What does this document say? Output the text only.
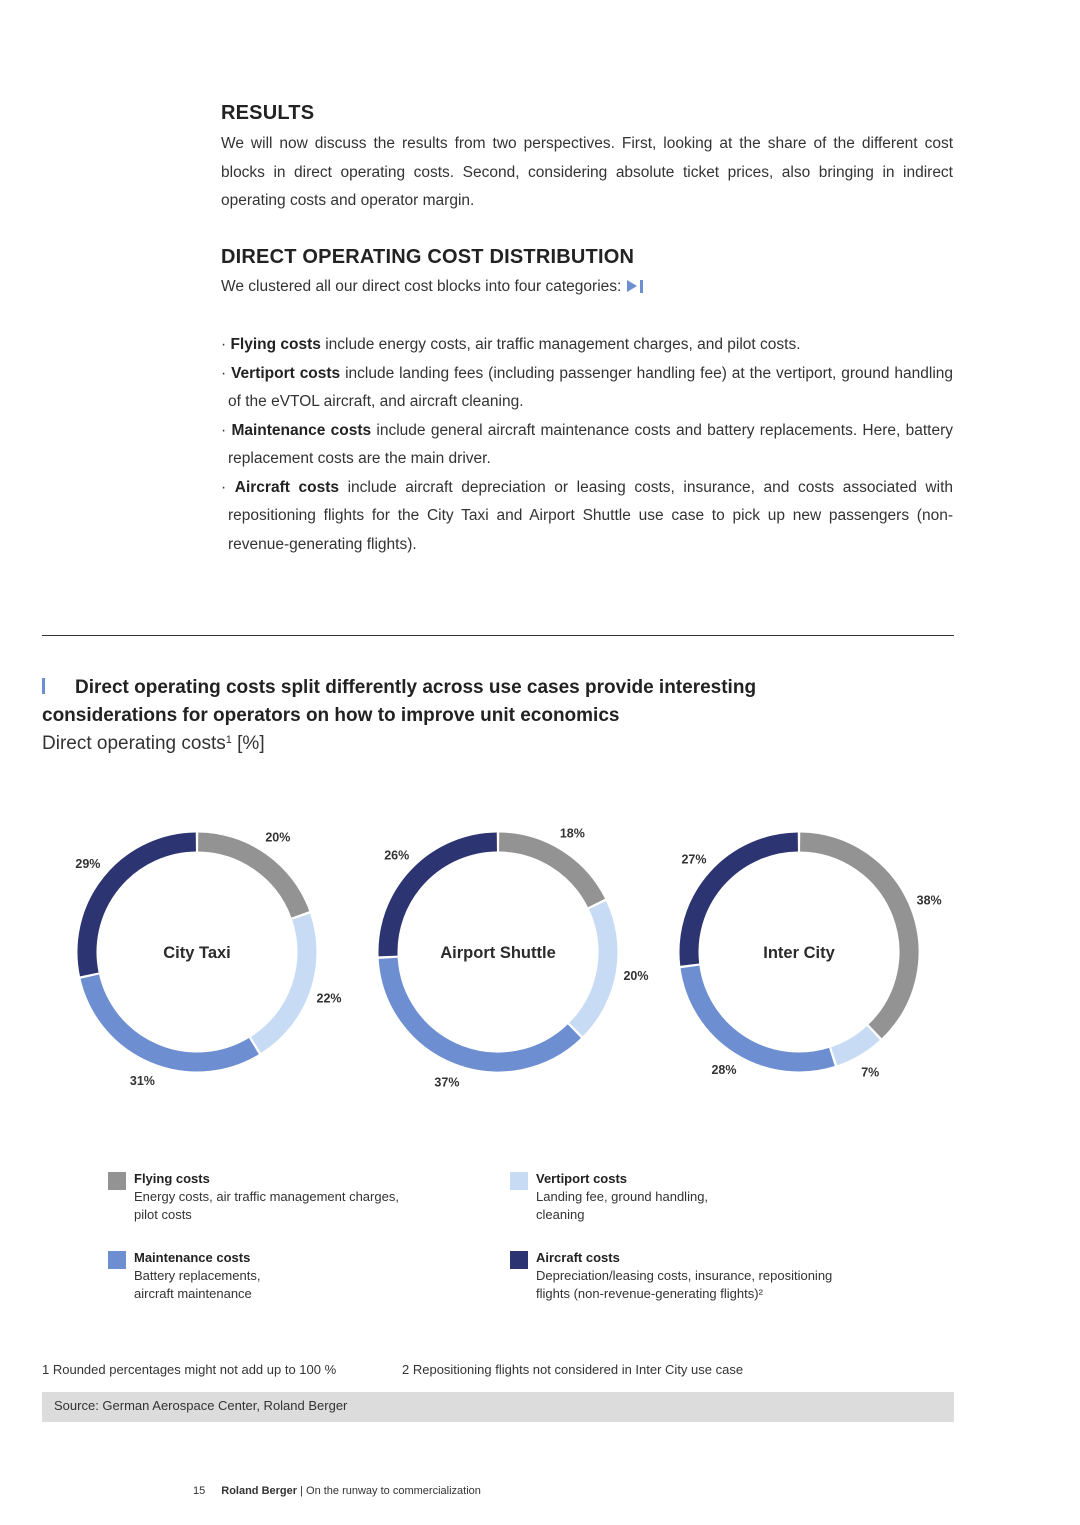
RESULTS

We will now discuss the results from two perspectives. First, looking at the share of the different cost blocks in direct operating costs. Second, considering absolute ticket prices, also bringing in indirect operating costs and operator margin.

DIRECT OPERATING COST DISTRIBUTION

We clustered all our direct cost blocks into four categories:

· Flying costs include energy costs, air traffic management charges, and pilot costs.
· Vertiport costs include landing fees (including passenger handling fee) at the vertiport, ground handling of the eVTOL aircraft, and aircraft cleaning.
· Maintenance costs include general aircraft maintenance costs and battery replacements. Here, battery replacement costs are the main driver.
· Aircraft costs include aircraft depreciation or leasing costs, insurance, and costs associated with repositioning flights for the City Taxi and Airport Shuttle use case to pick up new passengers (non-revenue-generating flights).
Direct operating costs split differently across use cases provide interesting considerations for operators on how to improve unit economics
Direct operating costs$^1$ [%]
20%
22%
31%
29%
City Taxi
18%
20%
37%
26%
Airport Shuttle
38%
7%
28%
27%
Inter City
Flying costs
Energy costs, air traffic management charges,
pilot costs
Vertiport costs
Landing fee, ground handling,
cleaning
Maintenance costs
Battery replacements,
aircraft maintenance
Aircraft costs
Depreciation/leasing costs, insurance, repositioning
flights (non-revenue-generating flights)²
1 Rounded percentages might not add up to 100 %	2 Repositioning flights not considered in Inter City use case
Source: German Aerospace Center, Roland Berger
15 Roland Berger | On the runway to commercialization
